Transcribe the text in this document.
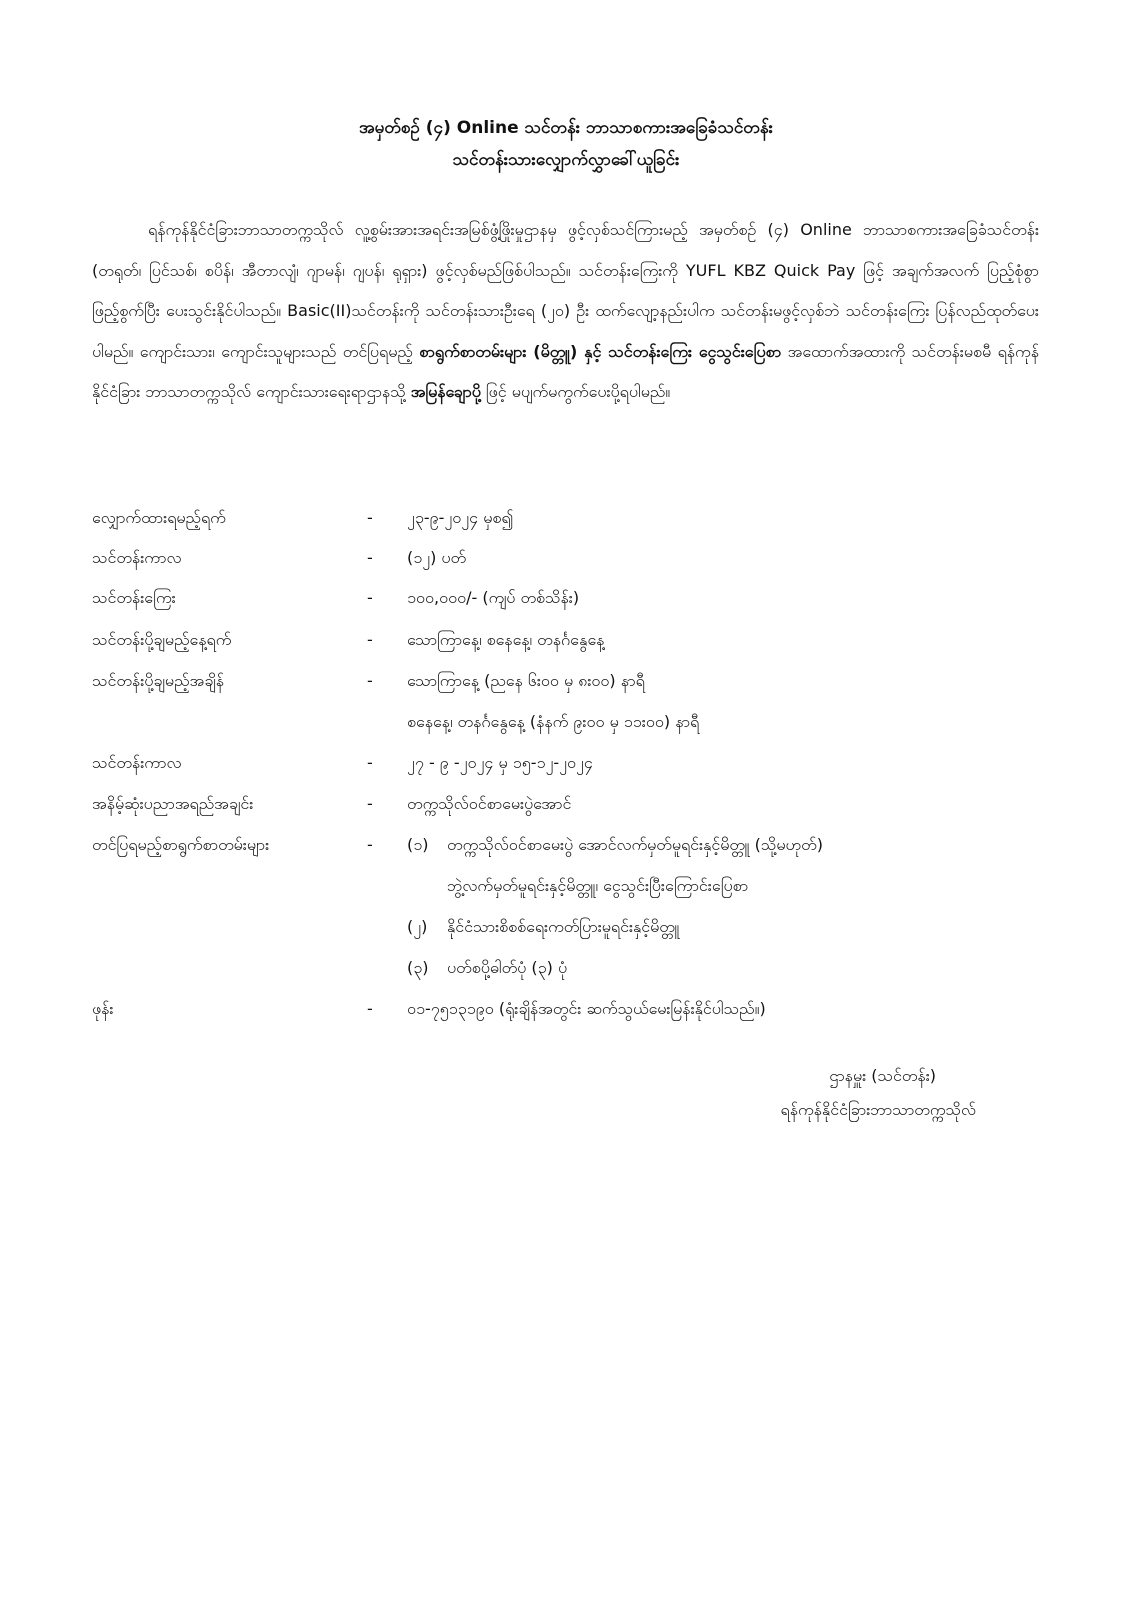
အမှတ်စဉ် (၄) Online သင်တန်း ဘာသာစကားအခြေခံသင်တန်း
သင်တန်းသားလျှောက်လွှာခေါ်ယူခြင်း

ရန်ကုန်နိုင်ငံခြားဘာသာတက္ကသိုလ် လူ့စွမ်းအားအရင်းအမြစ်ဖွံ့ဖြိုးမှုဌာနမှ ဖွင့်လှစ်သင်ကြားမည့် အမှတ်စဉ် (၄) Online ဘာသာစကားအခြေခံသင်တန်း (တရုတ်၊ ပြင်သစ်၊ စပိန်၊ အီတာလျံ၊ ဂျာမန်၊ ဂျပန်၊ ရုရှား) ဖွင့်လှစ်မည်ဖြစ်ပါသည်။ သင်တန်းကြေးကို YUFL KBZ Quick Pay ဖြင့် အချက်အလက် ပြည့်စုံစွာဖြည့်စွက်ပြီး ပေးသွင်းနိုင်ပါသည်။ Basic(II)သင်တန်းကို သင်တန်းသားဦးရေ (၂၀) ဦး ထက်လျော့နည်းပါက သင်တန်းမဖွင့်လှစ်ဘဲ သင်တန်းကြေး ပြန်လည်ထုတ်ပေးပါမည်။ ကျောင်းသား၊ ကျောင်းသူများသည် တင်ပြရမည့် စာရွက်စာတမ်းများ (မိတ္တူ) နှင့် သင်တန်းကြေး ငွေသွင်းပြေစာ အထောက်အထားကို သင်တန်းမစမီ ရန်ကုန်နိုင်ငံခြား ဘာသာတက္ကသိုလ် ကျောင်းသားရေးရာဌာနသို့ အမြန်ချောပို့ ဖြင့် မပျက်မကွက်ပေးပို့ရပါမည်။

လျှောက်ထားရမည့်ရက်	- ၂၃-၉-၂၀၂၄ မှစ၍
သင်တန်းကာလ	- (၁၂) ပတ်
သင်တန်းကြေး	- ၁၀၀,၀၀၀/- (ကျပ် တစ်သိန်း)
သင်တန်းပို့ချမည့်နေ့ရက်	- သောကြာနေ့၊ စနေနေ့၊ တနင်္ဂနွေနေ့
သင်တန်းပို့ချမည့်အချိန်	- သောကြာနေ့ (ညနေ ၆း၀၀ မှ ၈း၀၀) နာရီ
စနေနေ့၊ တနင်္ဂနွေနေ့ (နံနက် ၉း၀၀ မှ ၁၁း၀၀) နာရီ
သင်တန်းကာလ	- ၂၇ - ၉ -၂၀၂၄ မှ ၁၅-၁၂-၂၀၂၄
အနိမ့်ဆုံးပညာအရည်အချင်း	- တက္ကသိုလ်ဝင်စာမေးပွဲအောင်
တင်ပြရမည့်စာရွက်စာတမ်းများ	- (၁) တက္ကသိုလ်ဝင်စာမေးပွဲ အောင်လက်မှတ်မူရင်းနှင့်မိတ္တူ (သို့မဟုတ်)
ဘွဲ့လက်မှတ်မူရင်းနှင့်မိတ္တူ၊ ငွေသွင်းပြီးကြောင်းပြေစာ
(၂) နိုင်ငံသားစိစစ်ရေးကတ်ပြားမူရင်းနှင့်မိတ္တူ
(၃) ပတ်စပို့ဓါတ်ပုံ (၃) ပုံ
ဖုန်း	- ၀၁-၇၅၁၃၁၉၀ (ရုံးချိန်အတွင်း ဆက်သွယ်မေးမြန်းနိုင်ပါသည်။)
ဌာနမှူး (သင်တန်း)
ရန်ကုန်နိုင်ငံခြားဘာသာတက္ကသိုလ်
